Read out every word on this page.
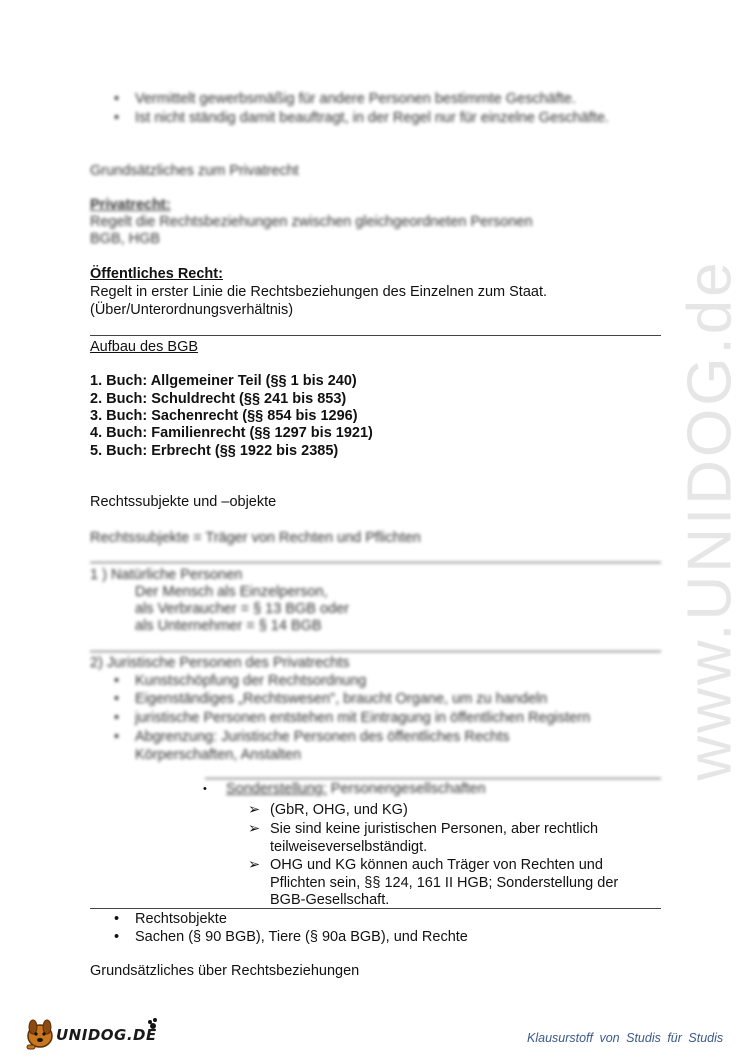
www.UNIDOG.de
• Vermittelt gewerbsmäßig für andere Personen bestimmte Geschäfte.
• Ist nicht ständig damit beauftragt, in der Regel nur für einzelne Geschäfte.
Grundsätzliches zum Privatrecht
Privatrecht:
Regelt die Rechtsbeziehungen zwischen gleichgeordneten Personen
BGB, HGB
Öffentliches Recht:
Regelt in erster Linie die Rechtsbeziehungen des Einzelnen zum Staat.
(Über/Unterordnungsverhältnis)
Aufbau des BGB
1. Buch: Allgemeiner Teil (§§ 1 bis 240)
2. Buch: Schuldrecht (§§ 241 bis 853)
3. Buch: Sachenrecht (§§ 854 bis 1296)
4. Buch: Familienrecht (§§ 1297 bis 1921)
5. Buch: Erbrecht (§§ 1922 bis 2385)
Rechtssubjekte und –objekte
Rechtssubjekte = Träger von Rechten und Pflichten
1 ) Natürliche Personen
Der Mensch als Einzelperson,
als Verbraucher = § 13 BGB oder
als Unternehmer = § 14 BGB
2) Juristische Personen des Privatrechts
• Kunstschöpfung der Rechtsordnung
• Eigenständiges „Rechtswesen", braucht Organe, um zu handeln
• juristische Personen entstehen mit Eintragung in öffentlichen Registern
• Abgrenzung: Juristische Personen des öffentliches Rechts
Körperschaften, Anstalten
• Sonderstellung: Personengesellschaften
➢ (GbR, OHG, und KG)
➢ Sie sind keine juristischen Personen, aber rechtlich
teilweiseverselbständigt.
➢ OHG und KG können auch Träger von Rechten und
Pflichten sein, §§ 124, 161 II HGB; Sonderstellung der
BGB-Gesellschaft.
• Rechtsobjekte
• Sachen (§ 90 BGB), Tiere (§ 90a BGB), und Rechte
Grundsätzliches über Rechtsbeziehungen
UNIDOG.DE	Klausurstoff von Studis für Studis
